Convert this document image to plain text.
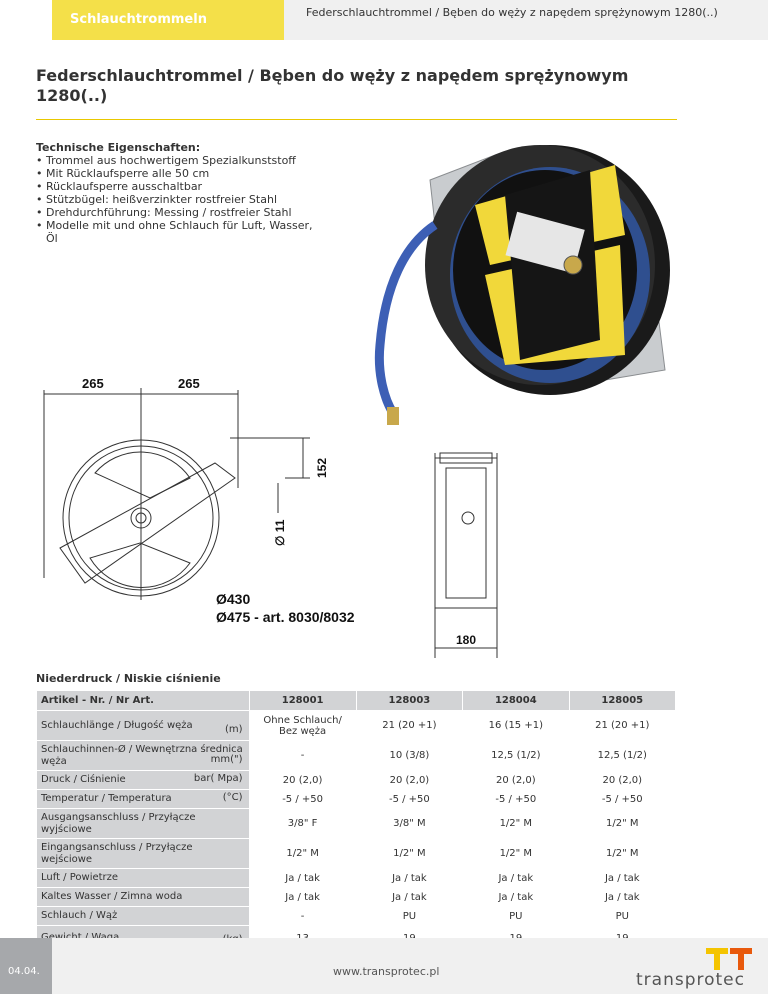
Schlauchtrommeln	Federschlauchtrommel / Bęben do węży z napędem sprężynowym 1280(..)
Federschlauchtrommel / Bęben do węży z napędem sprężynowym 1280(..)
Technische Eigenschaften:
• Trommel aus hochwertigem Spezialkunststoff
• Mit Rücklaufsperre alle 50 cm
• Rücklaufsperre ausschaltbar
• Stützbügel: heißverzinkter rostfreier Stahl
• Drehdurchführung: Messing / rostfreier Stahl
• Modelle mit und ohne Schlauch für Luft, Wasser, Öl
265	265
152
∅ 11
Ø430
Ø475 - art. 8030/8032
180
Niederdruck / Niskie ciśnienie
Artikel - Nr. / Nr Art.	128001	128003	128004	128005
Schlauchlänge / Długość węża (m)	Ohne Schlauch/ Bez węża	21 (20 +1)	16 (15 +1)	21 (20 +1)
Schlauchinnen-Ø / Wewnętrzna średnica węża mm(")	-	10 (3/8)	12,5 (1/2)	12,5 (1/2)
Druck / Ciśnienie bar( Mpa)	20 (2,0)	20 (2,0)	20 (2,0)	20 (2,0)
Temperatur / Temperatura (°C)	-5 / +50	-5 / +50	-5 / +50	-5 / +50
Ausgangsanschluss / Przyłącze wyjściowe	3/8" F	3/8" M	1/2" M	1/2" M
Eingangsanschluss / Przyłącze wejściowe	1/2" M	1/2" M	1/2" M	1/2" M
Luft / Powietrze	Ja / tak	Ja / tak	Ja / tak	Ja / tak
Kaltes Wasser / Zimna woda	Ja / tak	Ja / tak	Ja / tak	Ja / tak
Schlauch / Wąż	-	PU	PU	PU

04.04.	www.transprotec.pl	transprotec
